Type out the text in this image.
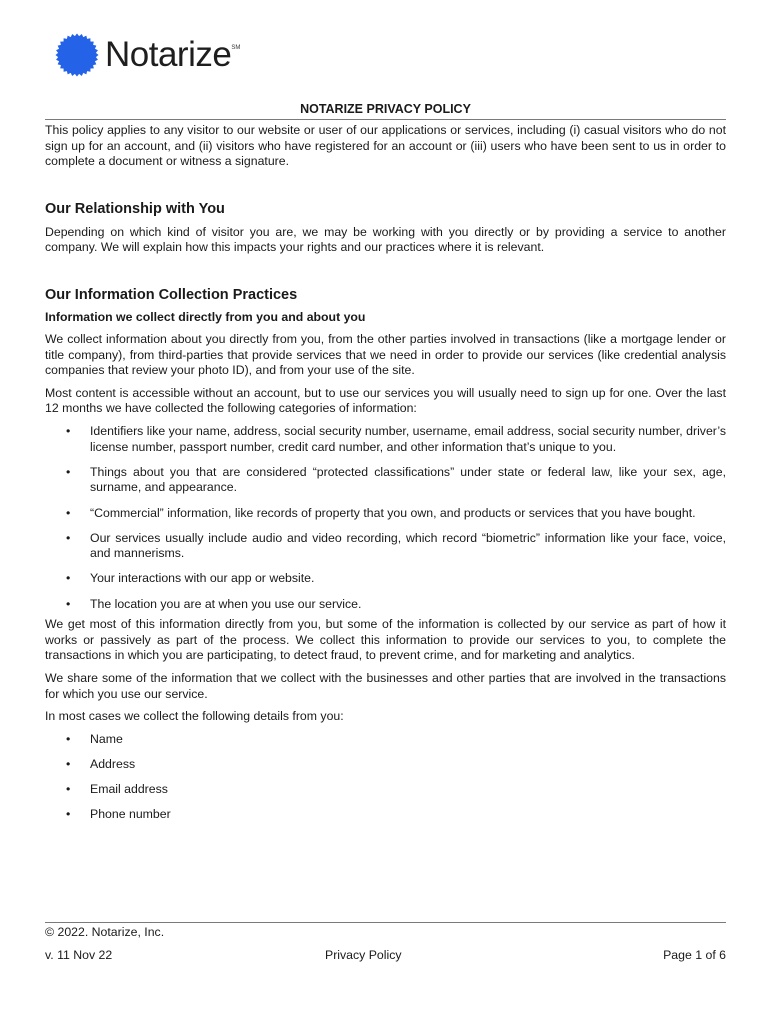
Notarize SM
NOTARIZE PRIVACY POLICY

This policy applies to any visitor to our website or user of our applications or services, including (i) casual visitors who do not sign up for an account, and (ii) visitors who have registered for an account or (iii) users who have been sent to us in order to complete a document or witness a signature.

Our Relationship with You

Depending on which kind of visitor you are, we may be working with you directly or by providing a service to another company. We will explain how this impacts your rights and our practices where it is relevant.

Our Information Collection Practices
Information we collect directly from you and about you

We collect information about you directly from you, from the other parties involved in transactions (like a mortgage lender or title company), from third-parties that provide services that we need in order to provide our services (like credential analysis companies that review your photo ID), and from your use of the site.

Most content is accessible without an account, but to use our services you will usually need to sign up for one. Over the last 12 months we have collected the following categories of information:

• Identifiers like your name, address, social security number, username, email address, social security number, driver’s license number, passport number, credit card number, and other information that’s unique to you.
• Things about you that are considered “protected classifications” under state or federal law, like your sex, age, surname, and appearance.
• “Commercial” information, like records of property that you own, and products or services that you have bought.
• Our services usually include audio and video recording, which record “biometric” information like your face, voice, and mannerisms.
• Your interactions with our app or website.
• The location you are at when you use our service.

We get most of this information directly from you, but some of the information is collected by our service as part of how it works or passively as part of the process. We collect this information to provide our services to you, to complete the transactions in which you are participating, to detect fraud, to prevent crime, and for marketing and analytics.

We share some of the information that we collect with the businesses and other parties that are involved in the transactions for which you use our service.

In most cases we collect the following details from you:

• Name
• Address
• Email address
• Phone number
© 2022. Notarize, Inc.
v. 11 Nov 22	Privacy Policy	Page 1 of 6
